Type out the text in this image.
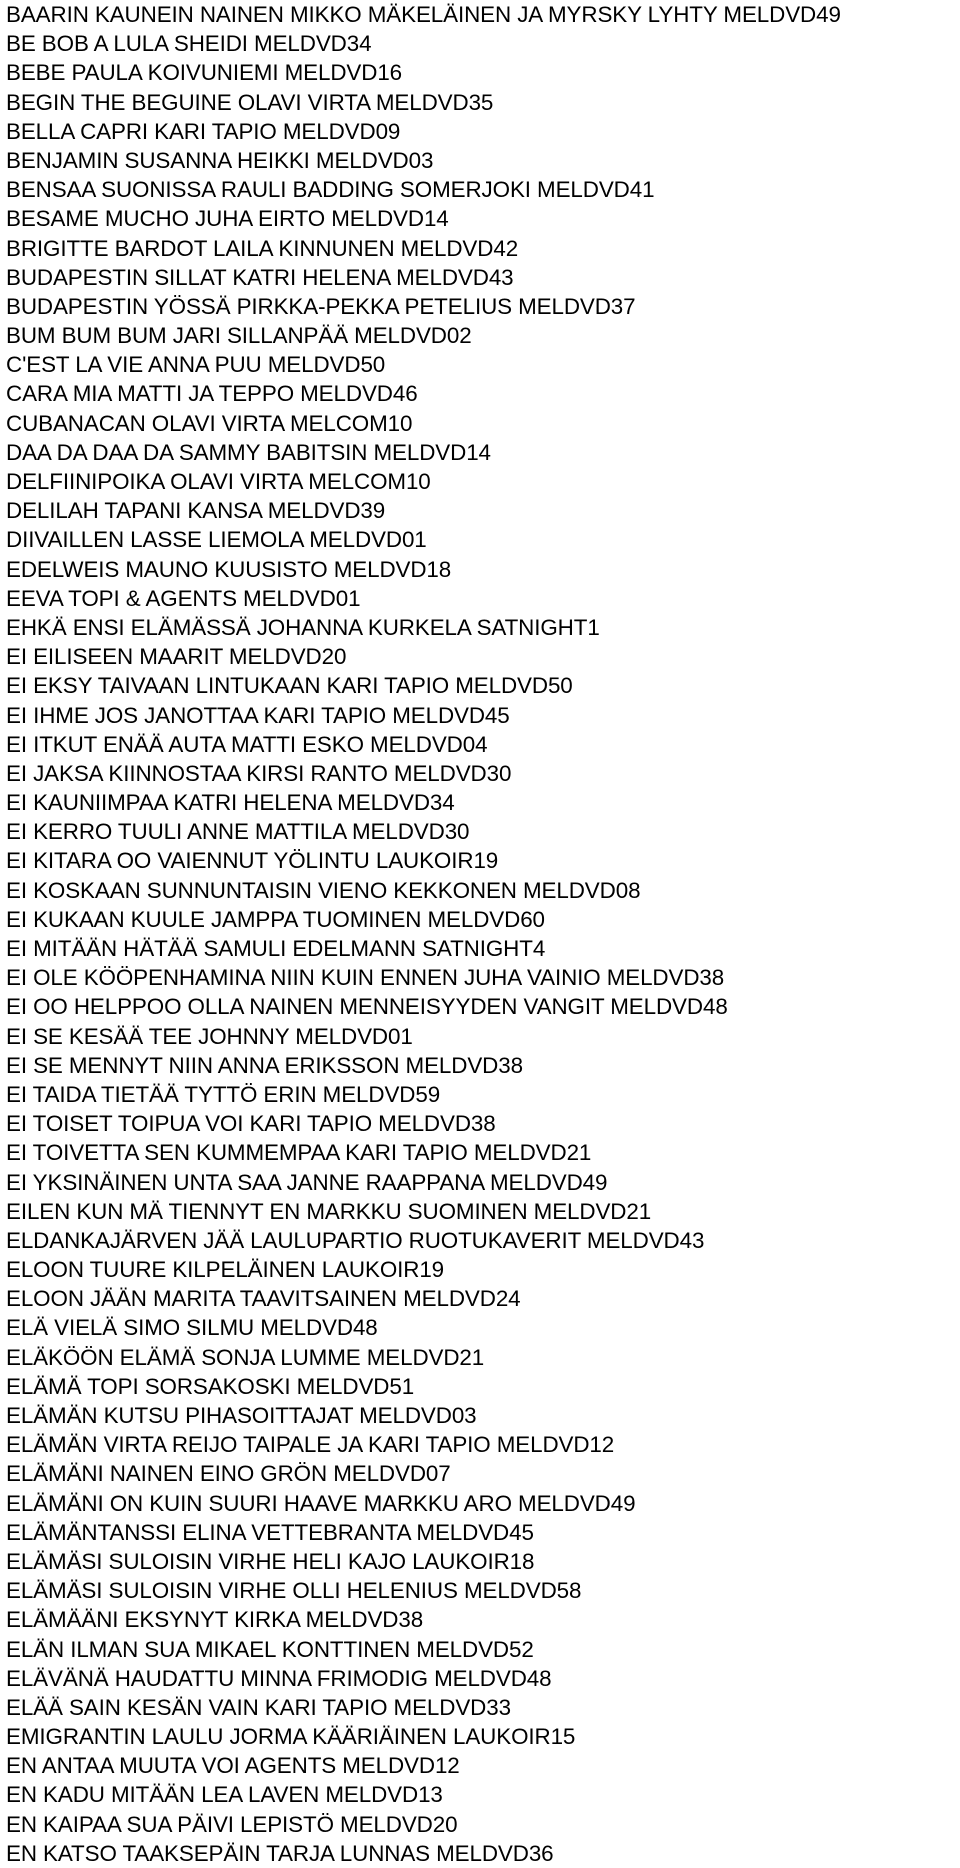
BAARIN KAUNEIN NAINEN MIKKO MÄKELÄINEN JA MYRSKY LYHTY MELDVD49
BE BOB A LULA SHEIDI MELDVD34
BEBE PAULA KOIVUNIEMI MELDVD16
BEGIN THE BEGUINE OLAVI VIRTA MELDVD35
BELLA CAPRI KARI TAPIO MELDVD09
BENJAMIN SUSANNA HEIKKI MELDVD03
BENSAA SUONISSA RAULI BADDING SOMERJOKI MELDVD41
BESAME MUCHO JUHA EIRTO MELDVD14
BRIGITTE BARDOT LAILA KINNUNEN MELDVD42
BUDAPESTIN SILLAT KATRI HELENA MELDVD43
BUDAPESTIN YÖSSÄ PIRKKA-PEKKA PETELIUS MELDVD37
BUM BUM BUM JARI SILLANPÄÄ MELDVD02
C'EST LA VIE ANNA PUU MELDVD50
CARA MIA MATTI JA TEPPO MELDVD46
CUBANACAN OLAVI VIRTA MELCOM10
DAA DA DAA DA SAMMY BABITSIN MELDVD14
DELFIINIPOIKA OLAVI VIRTA MELCOM10
DELILAH TAPANI KANSA MELDVD39
DIIVAILLEN LASSE LIEMOLA MELDVD01
EDELWEIS MAUNO KUUSISTO MELDVD18
EEVA TOPI & AGENTS MELDVD01
EHKÄ ENSI ELÄMÄSSÄ JOHANNA KURKELA SATNIGHT1
EI EILISEEN MAARIT MELDVD20
EI EKSY TAIVAAN LINTUKAAN KARI TAPIO MELDVD50
EI IHME JOS JANOTTAA KARI TAPIO MELDVD45
EI ITKUT ENÄÄ AUTA MATTI ESKO MELDVD04
EI JAKSA KIINNOSTAA KIRSI RANTO MELDVD30
EI KAUNIIMPAA KATRI HELENA MELDVD34
EI KERRO TUULI ANNE MATTILA MELDVD30
EI KITARA OO VAIENNUT YÖLINTU LAUKOIR19
EI KOSKAAN SUNNUNTAISIN VIENO KEKKONEN MELDVD08
EI KUKAAN KUULE JAMPPA TUOMINEN MELDVD60
EI MITÄÄN HÄTÄÄ SAMULI EDELMANN SATNIGHT4
EI OLE KÖÖPENHAMINA NIIN KUIN ENNEN JUHA VAINIO MELDVD38
EI OO HELPPOO OLLA NAINEN MENNEISYYDEN VANGIT MELDVD48
EI SE KESÄÄ TEE JOHNNY MELDVD01
EI SE MENNYT NIIN ANNA ERIKSSON MELDVD38
EI TAIDA TIETÄÄ TYTTÖ ERIN MELDVD59
EI TOISET TOIPUA VOI KARI TAPIO MELDVD38
EI TOIVETTA SEN KUMMEMPAA KARI TAPIO MELDVD21
EI YKSINÄINEN UNTA SAA JANNE RAAPPANA MELDVD49
EILEN KUN MÄ TIENNYT EN MARKKU SUOMINEN MELDVD21
ELDANKAJÄRVEN JÄÄ LAULUPARTIO RUOTUKAVERIT MELDVD43
ELOON TUURE KILPELÄINEN LAUKOIR19
ELOON JÄÄN MARITA TAAVITSAINEN MELDVD24
ELÄ VIELÄ SIMO SILMU MELDVD48
ELÄKÖÖN ELÄMÄ SONJA LUMME MELDVD21
ELÄMÄ TOPI SORSAKOSKI MELDVD51
ELÄMÄN KUTSU PIHASOITTAJAT MELDVD03
ELÄMÄN VIRTA REIJO TAIPALE JA KARI TAPIO MELDVD12
ELÄMÄNI NAINEN EINO GRÖN MELDVD07
ELÄMÄNI ON KUIN SUURI HAAVE MARKKU ARO MELDVD49
ELÄMÄNTANSSI ELINA VETTEBRANTA MELDVD45
ELÄMÄSI SULOISIN VIRHE HELI KAJO LAUKOIR18
ELÄMÄSI SULOISIN VIRHE OLLI HELENIUS MELDVD58
ELÄMÄÄNI EKSYNYT KIRKA MELDVD38
ELÄN ILMAN SUA MIKAEL KONTTINEN MELDVD52
ELÄVÄNÄ HAUDATTU MINNA FRIMODIG MELDVD48
ELÄÄ SAIN KESÄN VAIN KARI TAPIO MELDVD33
EMIGRANTIN LAULU JORMA KÄÄRIÄINEN LAUKOIR15
EN ANTAA MUUTA VOI AGENTS MELDVD12
EN KADU MITÄÄN LEA LAVEN MELDVD13
EN KAIPAA SUA PÄIVI LEPISTÖ MELDVD20
EN KATSO TAAKSEPÄIN TARJA LUNNAS MELDVD36
